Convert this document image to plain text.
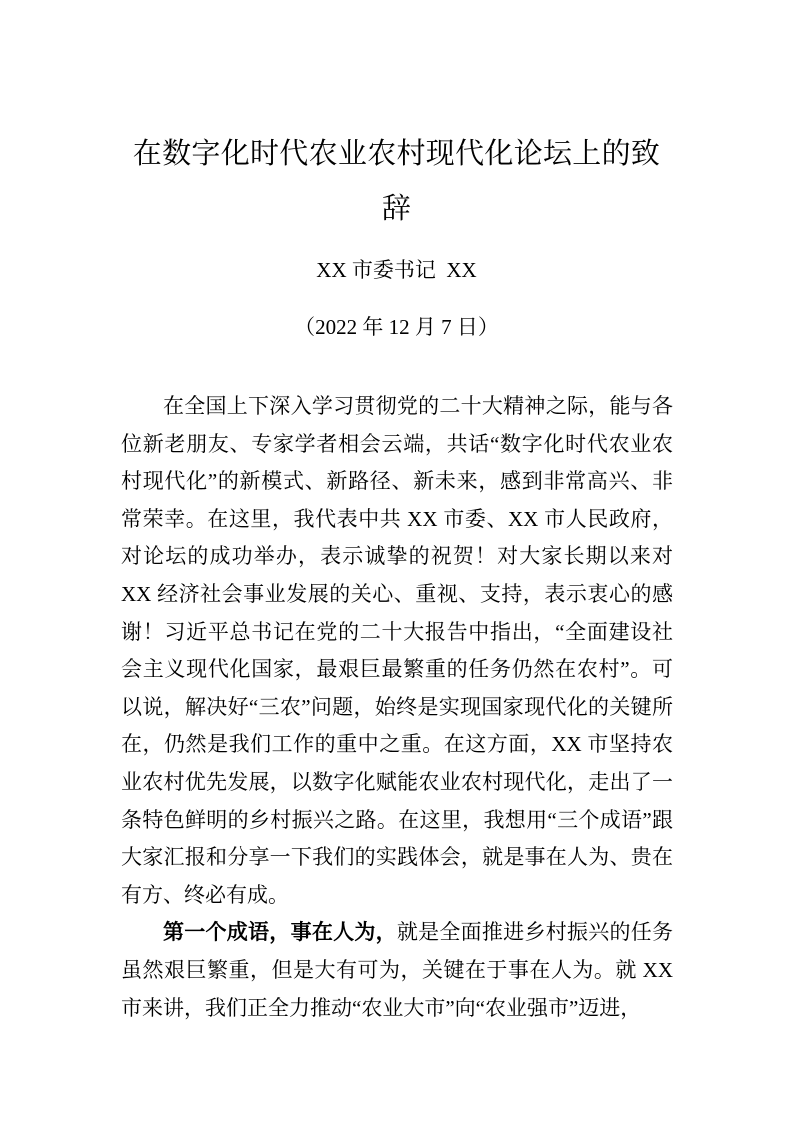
在数字化时代农业农村现代化论坛上的致
辞
XX 市委书记  XX
（2022 年 12 月 7 日）

在全国上下深入学习贯彻党的二十大精神之际，能与各位新老朋友、专家学者相会云端，共话“数字化时代农业农村现代化”的新模式、新路径、新未来，感到非常高兴、非常荣幸。在这里，我代表中共 XX 市委、XX 市人民政府，对论坛的成功举办，表示诚挚的祝贺！对大家长期以来对 XX 经济社会事业发展的关心、重视、支持，表示衷心的感谢！习近平总书记在党的二十大报告中指出，“全面建设社会主义现代化国家，最艰巨最繁重的任务仍然在农村”。可以说，解决好“三农”问题，始终是实现国家现代化的关键所在，仍然是我们工作的重中之重。在这方面，XX 市坚持农业农村优先发展，以数字化赋能农业农村现代化，走出了一条特色鲜明的乡村振兴之路。在这里，我想用“三个成语”跟大家汇报和分享一下我们的实践体会，就是事在人为、贵在有方、终必有成。

第一个成语，事在人为，就是全面推进乡村振兴的任务虽然艰巨繁重，但是大有可为，关键在于事在人为。就 XX 市来讲，我们正全力推动“农业大市”向“农业强市”迈进，
